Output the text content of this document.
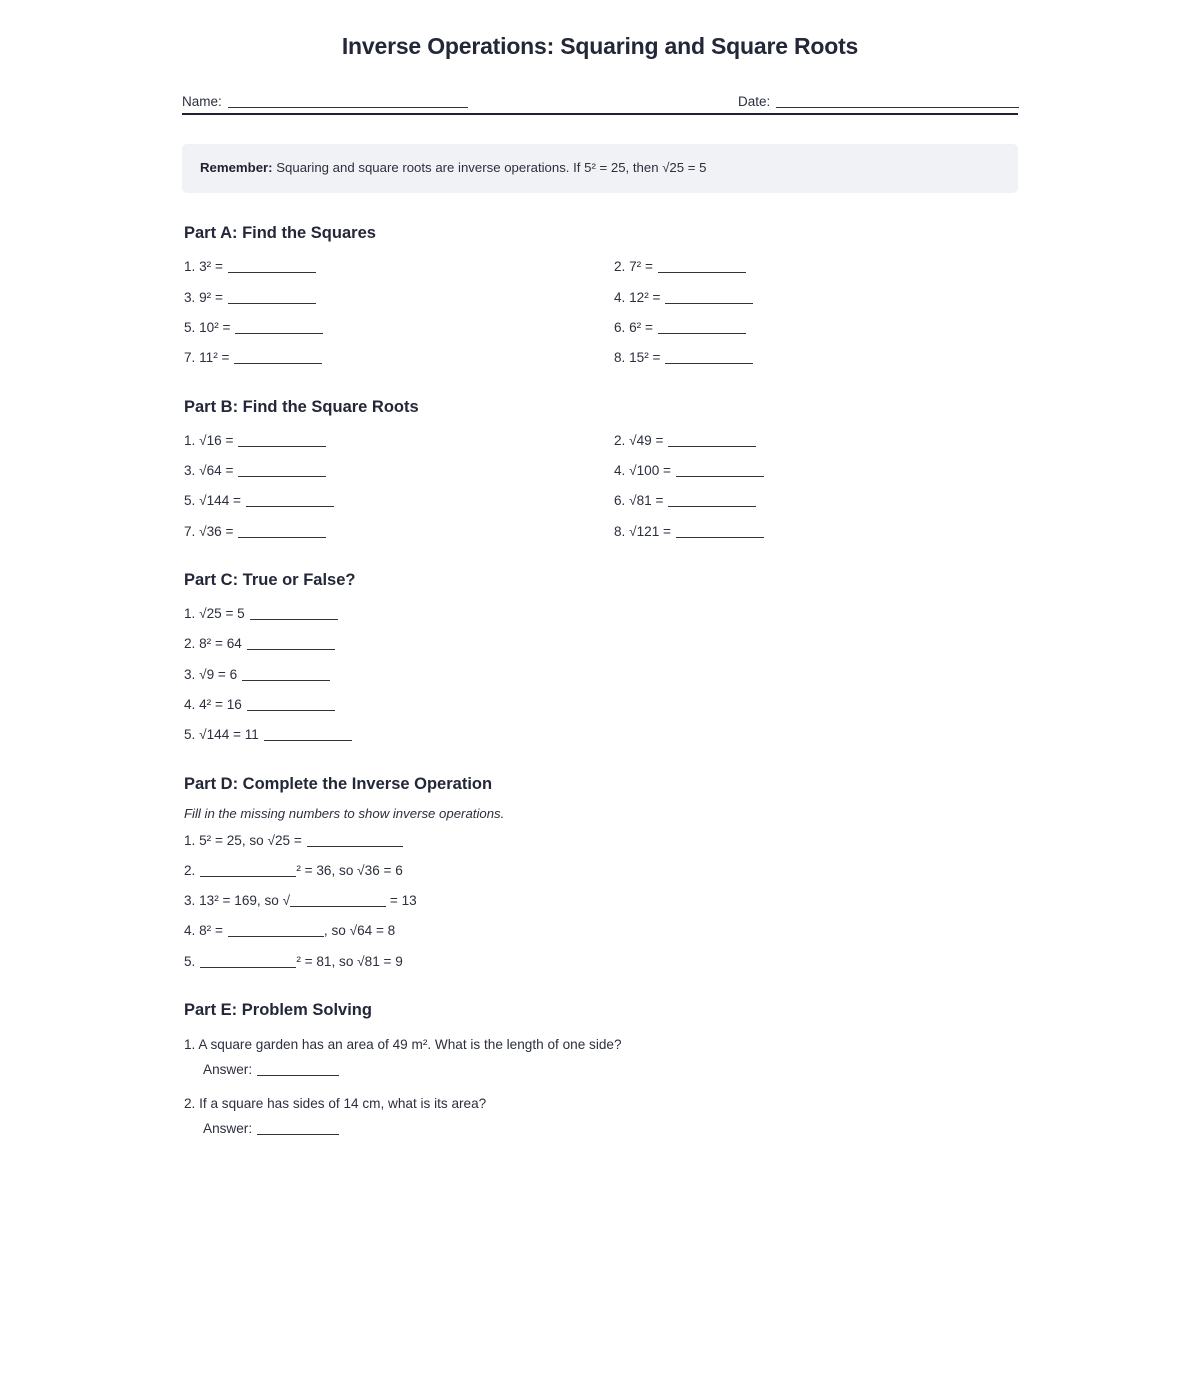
Inverse Operations: Squaring and Square Roots
Name:	Date:
Remember: Squaring and square roots are inverse operations. If 5² = 25, then √25 = 5
Part A: Find the Squares
1. 3² =	2. 7² =
3. 9² =	4. 12² =
5. 10² =	6. 6² =
7. 11² =	8. 15² =
Part B: Find the Square Roots
1. √16 =	2. √49 =
3. √64 =	4. √100 =
5. √144 =	6. √81 =
7. √36 =	8. √121 =
Part C: True or False?
1. √25 = 5
2. 8² = 64
3. √9 = 6
4. 4² = 16
5. √144 = 11
Part D: Complete the Inverse Operation
Fill in the missing numbers to show inverse operations.
1. 5² = 25, so √25 =
2.	² = 36, so √36 = 6
3. 13² = 169, so √	= 13
4. 8² =	, so √64 = 8
5.	² = 81, so √81 = 9
Part E: Problem Solving
1. A square garden has an area of 49 m². What is the length of one side?
Answer:
2. If a square has sides of 14 cm, what is its area?
Answer:
